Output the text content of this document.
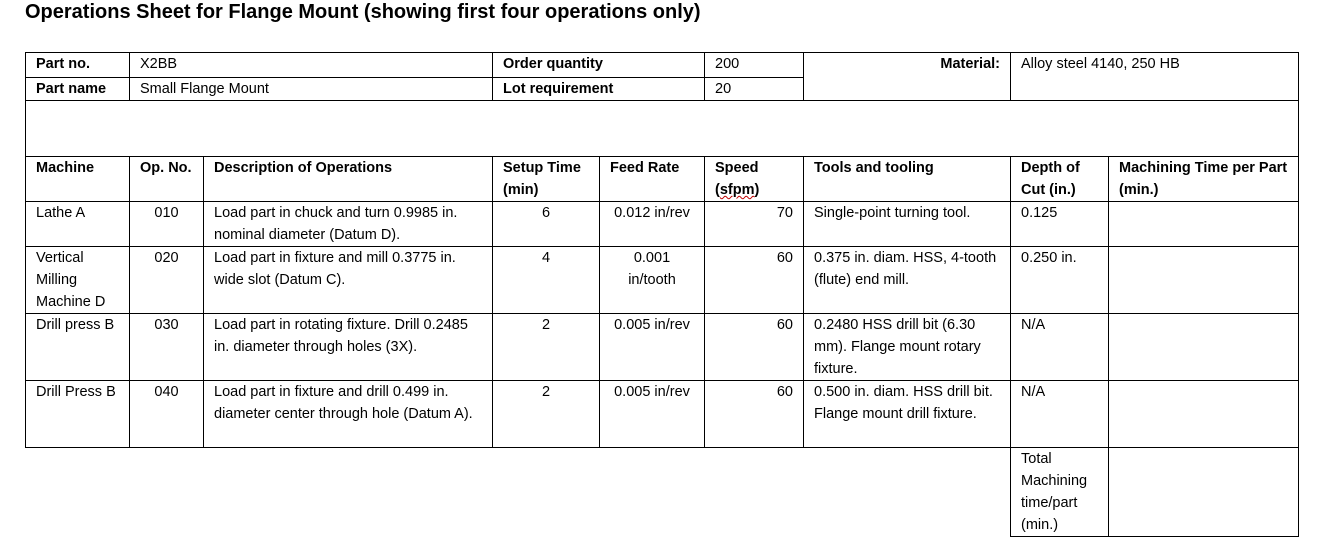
Operations Sheet for Flange Mount (showing first four operations only)
Part no.	X2BB		Order quantity		200	Material:	Alloy steel 4140, 250 HB	
Part name	Small Flange Mount		Lot requirement		20			

Machine	Op. No.	Description of Operations	Setup Time (min)	Feed Rate	Speed (sfpm)	Tools and tooling	Depth of Cut (in.)	Machining Time per Part (min.)
Lathe A	010	Load part in chuck and turn 0.9985 in. nominal diameter (Datum D).	6	0.012 in/rev	70	Single-point turning tool.	0.125	
Vertical Milling Machine D	020	Load part in fixture and mill 0.3775 in. wide slot (Datum C).	4	0.001 in/tooth	60	0.375 in. diam. HSS, 4-tooth (flute) end mill.	0.250 in.	
Drill press B	030	Load part in rotating fixture. Drill 0.2485 in. diameter through holes (3X).	2	0.005 in/rev	60	0.2480 HSS drill bit (6.30 mm). Flange mount rotary fixture.	N/A	
Drill Press B	040	Load part in fixture and drill 0.499 in. diameter center through hole (Datum A).	2	0.005 in/rev	60	0.500 in. diam. HSS drill bit. Flange mount drill fixture.	N/A	
							Total Machining time/part (min.)	
